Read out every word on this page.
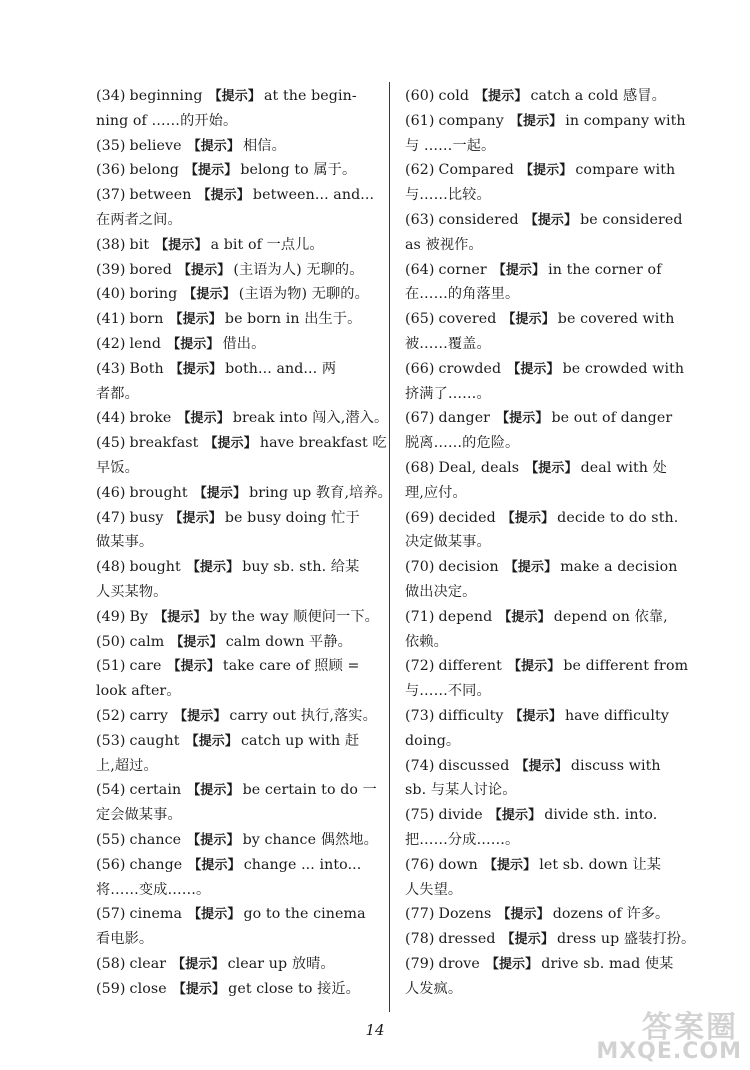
(34) beginning 【提示】 at the begin-
ning of ……的开始。
(35) believe 【提示】 相信。
(36) belong 【提示】 belong to 属于。
(37) between 【提示】 between... and...
在两者之间。
(38) bit 【提示】 a bit of 一点儿。
(39) bored 【提示】 (主语为人) 无聊的。
(40) boring 【提示】 (主语为物) 无聊的。
(41) born 【提示】 be born in 出生于。
(42) lend 【提示】 借出。
(43) Both 【提示】 both... and... 两
者都。
(44) broke 【提示】 break into 闯入,潜入。
(45) breakfast 【提示】 have breakfast 吃
早饭。
(46) brought 【提示】 bring up 教育,培养。
(47) busy 【提示】 be busy doing 忙于
做某事。
(48) bought 【提示】 buy sb. sth. 给某
人买某物。
(49) By 【提示】 by the way 顺便问一下。
(50) calm 【提示】 calm down 平静。
(51) care 【提示】 take care of 照顾 =
look after。
(52) carry 【提示】 carry out 执行,落实。
(53) caught 【提示】 catch up with 赶
上,超过。
(54) certain 【提示】 be certain to do 一
定会做某事。
(55) chance 【提示】 by chance 偶然地。
(56) change 【提示】 change ... into...
将……变成……。
(57) cinema 【提示】 go to the cinema
看电影。
(58) clear 【提示】 clear up 放晴。
(59) close 【提示】 get close to 接近。
(60) cold 【提示】 catch a cold 感冒。
(61) company 【提示】 in company with
与 ……一起。
(62) Compared 【提示】 compare with
与……比较。
(63) considered 【提示】 be considered
as 被视作。
(64) corner 【提示】 in the corner of
在……的角落里。
(65) covered 【提示】 be covered with
被……覆盖。
(66) crowded 【提示】 be crowded with
挤满了……。
(67) danger 【提示】 be out of danger
脱离……的危险。
(68) Deal, deals 【提示】 deal with 处
理,应付。
(69) decided 【提示】 decide to do sth.
决定做某事。
(70) decision 【提示】 make a decision
做出决定。
(71) depend 【提示】 depend on 依靠,
依赖。
(72) different 【提示】 be different from
与……不同。
(73) difficulty 【提示】 have difficulty
doing。
(74) discussed 【提示】 discuss with
sb. 与某人讨论。
(75) divide 【提示】 divide sth. into.
把……分成……。
(76) down 【提示】 let sb. down 让某
人失望。
(77) Dozens 【提示】 dozens of 许多。
(78) dressed 【提示】 dress up 盛装打扮。
(79) drove 【提示】 drive sb. mad 使某
人发疯。
14	答案圈
MXQE.COM
